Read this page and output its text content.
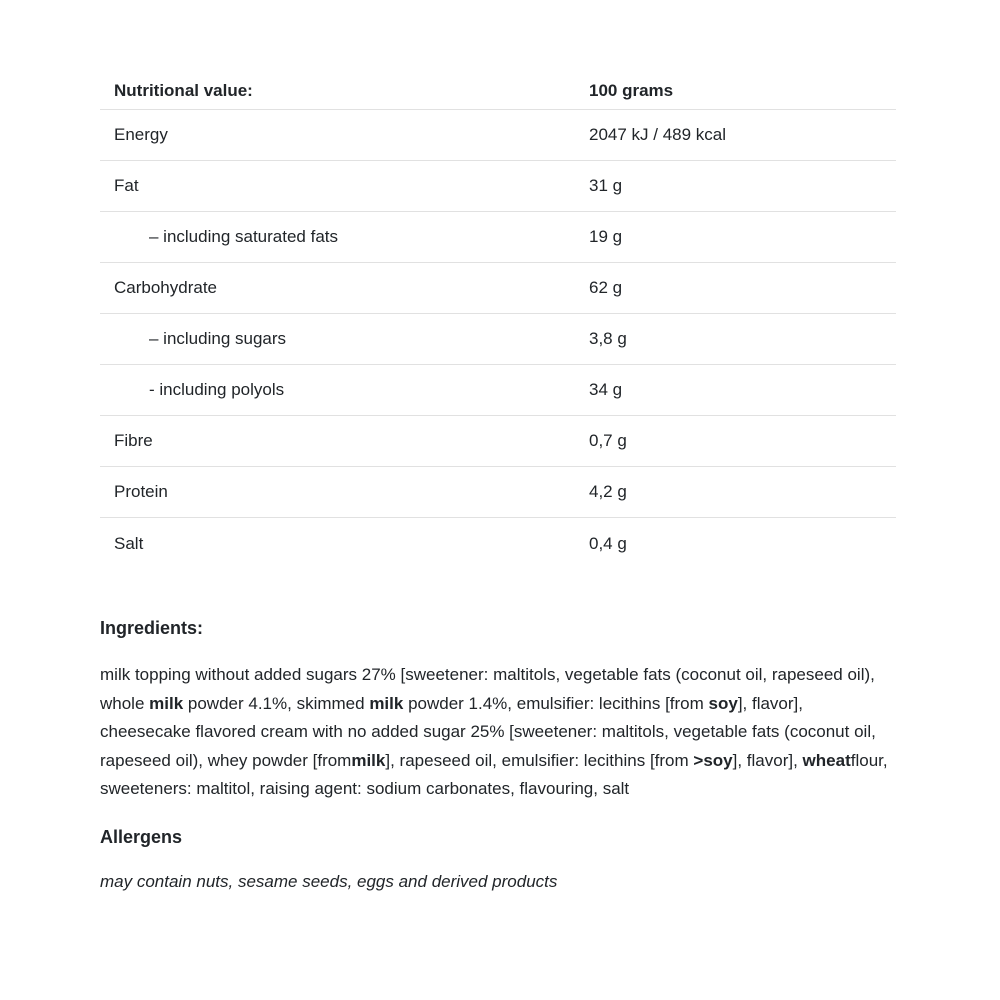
Nutritional value:	100 grams
Energy	2047 kJ / 489 kcal
Fat	31 g
– including saturated fats	19 g
Carbohydrate	62 g
– including sugars	3,8 g
- including polyols	34 g
Fibre	0,7 g
Protein	4,2 g
Salt	0,4 g
Ingredients:

milk topping without added sugars 27% [sweetener: maltitols, vegetable fats (coconut oil, rapeseed oil), whole milk powder 4.1%, skimmed milk powder 1.4%, emulsifier: lecithins [from soy], flavor], cheesecake flavored cream with no added sugar 25% [sweetener: maltitols, vegetable fats (coconut oil, rapeseed oil), whey powder [frommilk], rapeseed oil, emulsifier: lecithins [from >soy], flavor], wheatflour, sweeteners: maltitol, raising agent: sodium carbonates, flavouring, salt

Allergens

may contain nuts, sesame seeds, eggs and derived products
